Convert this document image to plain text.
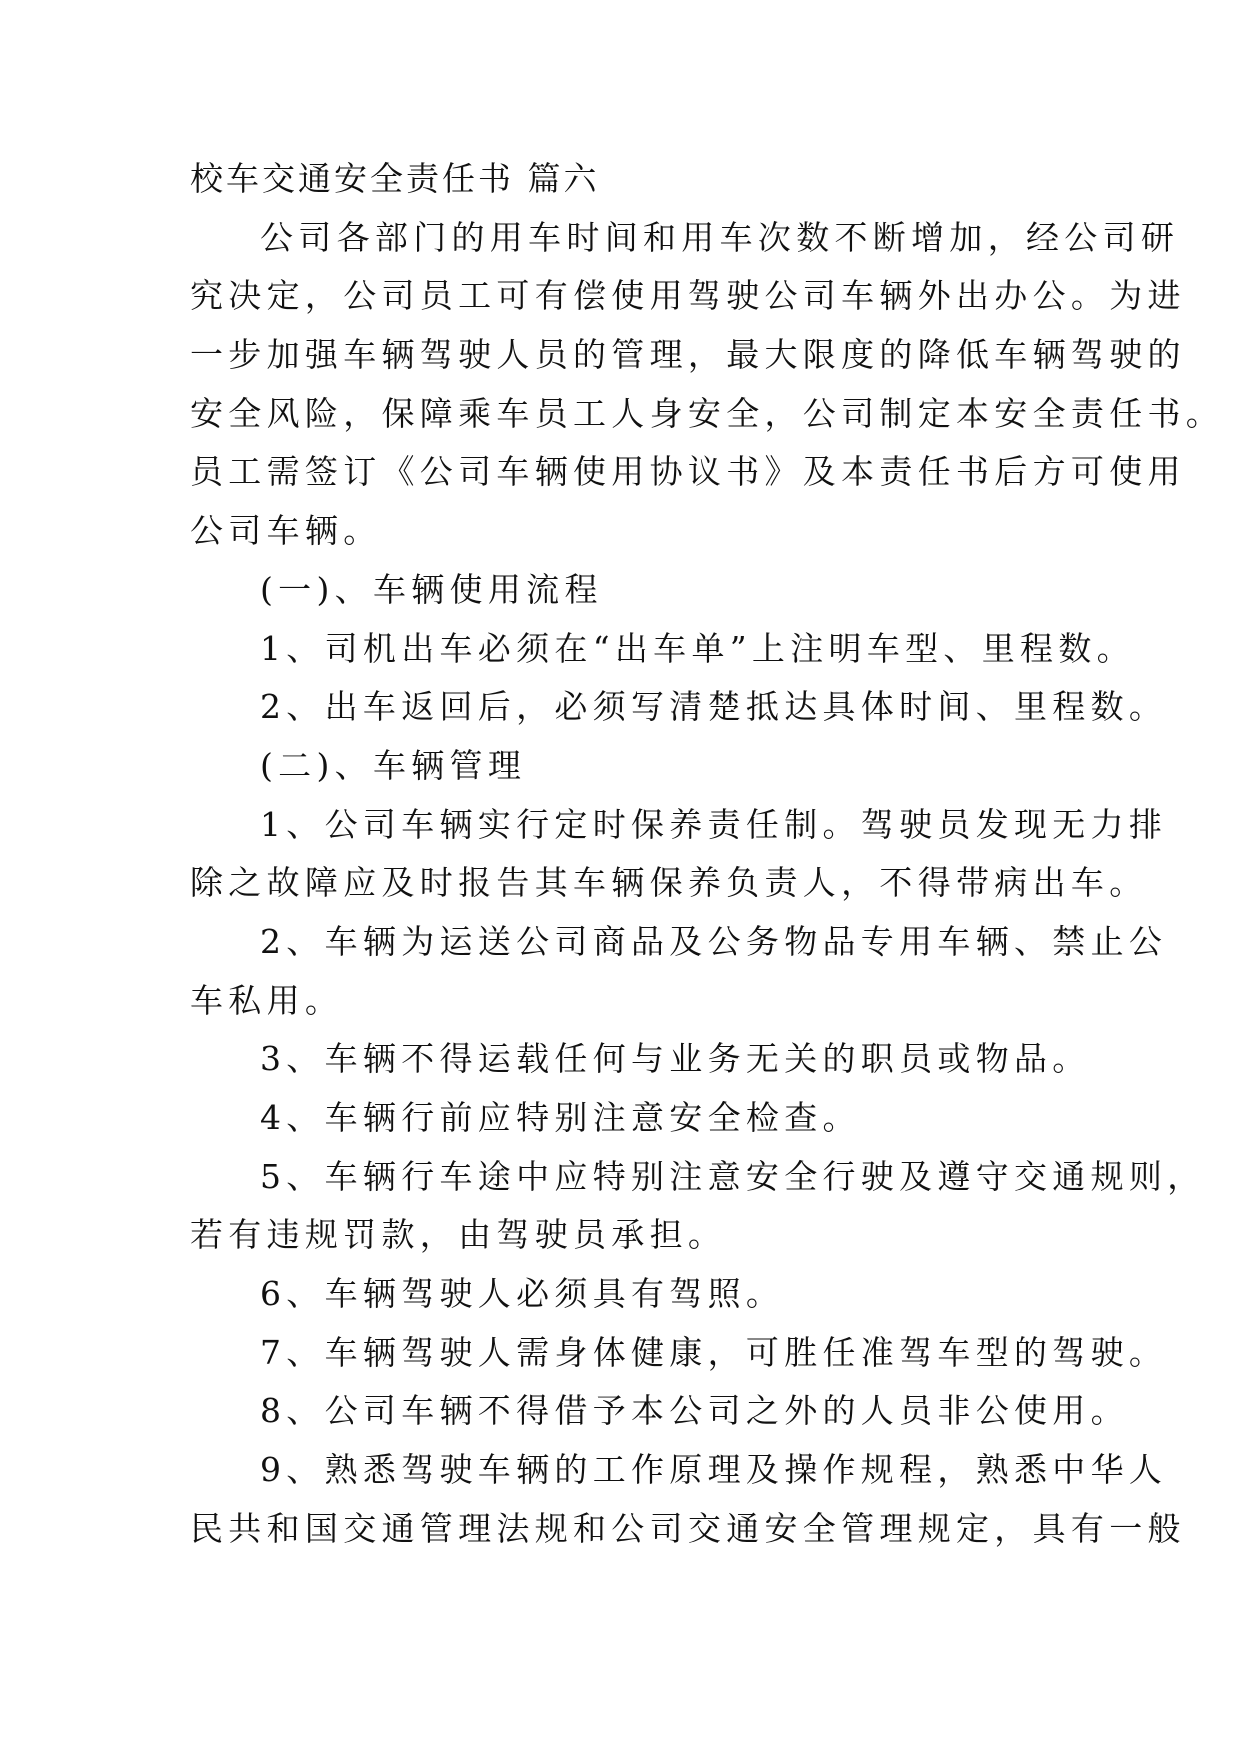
校车交通安全责任书 篇六
公司各部门的用车时间和用车次数不断增加，经公司研
究决定，公司员工可有偿使用驾驶公司车辆外出办公。为进
一步加强车辆驾驶人员的管理，最大限度的降低车辆驾驶的
安全风险，保障乘车员工人身安全，公司制定本安全责任书。
员工需签订《公司车辆使用协议书》及本责任书后方可使用
公司车辆。
(一)、车辆使用流程
1、司机出车必须在“出车单”上注明车型、里程数。
2、出车返回后，必须写清楚抵达具体时间、里程数。
(二)、车辆管理
1、公司车辆实行定时保养责任制。驾驶员发现无力排
除之故障应及时报告其车辆保养负责人，不得带病出车。
2、车辆为运送公司商品及公务物品专用车辆、禁止公
车私用。
3、车辆不得运载任何与业务无关的职员或物品。
4、车辆行前应特别注意安全检查。
5、车辆行车途中应特别注意安全行驶及遵守交通规则，
若有违规罚款，由驾驶员承担。
6、车辆驾驶人必须具有驾照。
7、车辆驾驶人需身体健康，可胜任准驾车型的驾驶。
8、公司车辆不得借予本公司之外的人员非公使用。
9、熟悉驾驶车辆的工作原理及操作规程，熟悉中华人
民共和国交通管理法规和公司交通安全管理规定，具有一般
